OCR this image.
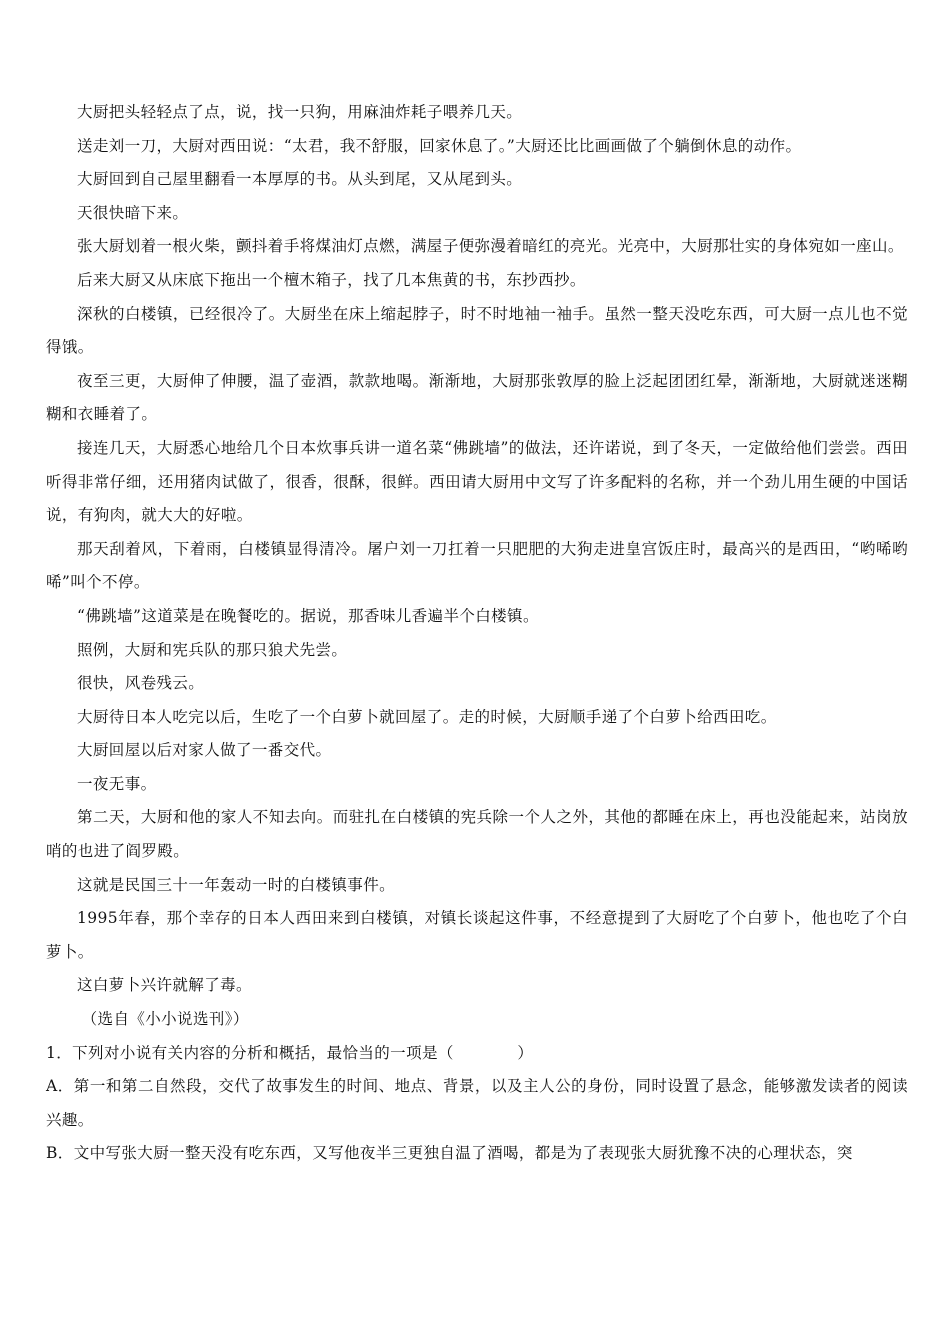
大厨把头轻轻点了点，说，找一只狗，用麻油炸耗子喂养几天。

送走刘一刀，大厨对西田说：“太君，我不舒服，回家休息了。”大厨还比比画画做了个躺倒休息的动作。

大厨回到自己屋里翻看一本厚厚的书。从头到尾，又从尾到头。

天很快暗下来。

张大厨划着一根火柴，颤抖着手将煤油灯点燃，满屋子便弥漫着暗红的亮光。光亮中，大厨那壮实的身体宛如一座山。

后来大厨又从床底下拖出一个檀木箱子，找了几本焦黄的书，东抄西抄。

深秋的白楼镇，已经很冷了。大厨坐在床上缩起脖子，时不时地袖一袖手。虽然一整天没吃东西，可大厨一点儿也不觉得饿。

夜至三更，大厨伸了伸腰，温了壶酒，款款地喝。渐渐地，大厨那张敦厚的脸上泛起团团红晕，渐渐地，大厨就迷迷糊糊和衣睡着了。

接连几天，大厨悉心地给几个日本炊事兵讲一道名菜“佛跳墙”的做法，还许诺说，到了冬天，一定做给他们尝尝。西田听得非常仔细，还用猪肉试做了，很香，很酥，很鲜。西田请大厨用中文写了许多配料的名称，并一个劲儿用生硬的中国话说，有狗肉，就大大的好啦。

那天刮着风，下着雨，白楼镇显得清冷。屠户刘一刀扛着一只肥肥的大狗走进皇宫饭庄时，最高兴的是西田，“哟唏哟唏”叫个不停。

“佛跳墙”这道菜是在晚餐吃的。据说，那香味儿香遍半个白楼镇。

照例，大厨和宪兵队的那只狼犬先尝。

很快，风卷残云。

大厨待日本人吃完以后，生吃了一个白萝卜就回屋了。走的时候，大厨顺手递了个白萝卜给西田吃。

大厨回屋以后对家人做了一番交代。

一夜无事。

第二天，大厨和他的家人不知去向。而驻扎在白楼镇的宪兵除一个人之外，其他的都睡在床上，再也没能起来，站岗放哨的也进了阎罗殿。

这就是民国三十一年轰动一时的白楼镇事件。

1995年春，那个幸存的日本人西田来到白楼镇，对镇长谈起这件事，不经意提到了大厨吃了个白萝卜，他也吃了个白萝卜。

这白萝卜兴许就解了毒。

（选自《小小说选刊》）

1．下列对小说有关内容的分析和概括，最恰当的一项是（　　　　）

A．第一和第二自然段，交代了故事发生的时间、地点、背景，以及主人公的身份，同时设置了悬念，能够激发读者的阅读兴趣。

B．文中写张大厨一整天没有吃东西，又写他夜半三更独自温了酒喝，都是为了表现张大厨犹豫不决的心理状态，突
